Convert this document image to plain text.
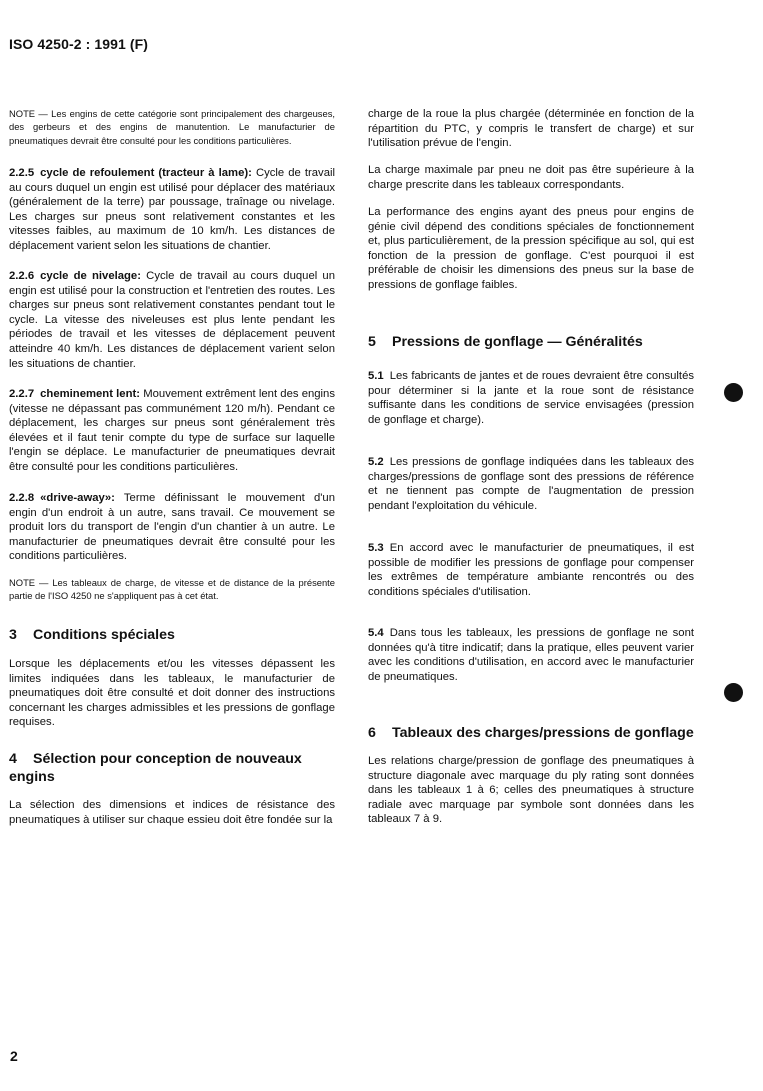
ISO 4250-2 : 1991 (F)

NOTE — Les engins de cette catégorie sont principalement des chargeuses, des gerbeurs et des engins de manutention. Le manufacturier de pneumatiques devrait être consulté pour les conditions particulières.

2.2.5 cycle de refoulement (tracteur à lame): Cycle de travail au cours duquel un engin est utilisé pour déplacer des matériaux (généralement de la terre) par poussage, traînage ou nivelage. Les charges sur pneus sont relativement constantes et les vitesses faibles, au maximum de 10 km/h. Les distances de déplacement varient selon les situations de chantier.

2.2.6 cycle de nivelage: Cycle de travail au cours duquel un engin est utilisé pour la construction et l'entretien des routes. Les charges sur pneus sont relativement constantes pendant tout le cycle. La vitesse des niveleuses est plus lente pendant les périodes de travail et les vitesses de déplacement peuvent atteindre 40 km/h. Les distances de déplacement varient selon les situations de chantier.

2.2.7 cheminement lent: Mouvement extrêment lent des engins (vitesse ne dépassant pas communément 120 m/h). Pendant ce déplacement, les charges sur pneus sont généralement très élevées et il faut tenir compte du type de surface sur laquelle l'engin se déplace. Le manufacturier de pneumatiques devrait être consulté pour les conditions particulières.

2.2.8 «drive-away»: Terme définissant le mouvement d'un engin d'un endroit à un autre, sans travail. Ce mouvement se produit lors du transport de l'engin d'un chantier à un autre. Le manufacturier de pneumatiques devrait être consulté pour les conditions particulières.

NOTE — Les tableaux de charge, de vitesse et de distance de la présente partie de l'ISO 4250 ne s'appliquent pas à cet état.

3 Conditions spéciales

Lorsque les déplacements et/ou les vitesses dépassent les limites indiquées dans les tableaux, le manufacturier de pneumatiques doit être consulté et doit donner des instructions concernant les charges admissibles et les pressions de gonflage requises.

4 Sélection pour conception de nouveaux engins

La sélection des dimensions et indices de résistance des pneumatiques à utiliser sur chaque essieu doit être fondée sur la

charge de la roue la plus chargée (déterminée en fonction de la répartition du PTC, y compris le transfert de charge) et sur l'utilisation prévue de l'engin.

La charge maximale par pneu ne doit pas être supérieure à la charge prescrite dans les tableaux correspondants.

La performance des engins ayant des pneus pour engins de génie civil dépend des conditions spéciales de fonctionnement et, plus particulièrement, de la pression spécifique au sol, qui est fonction de la pression de gonflage. C'est pourquoi il est préférable de choisir les dimensions des pneus sur la base de pressions de gonflage faibles.

5 Pressions de gonflage — Généralités

5.1 Les fabricants de jantes et de roues devraient être consultés pour déterminer si la jante et la roue sont de résistance suffisante dans les conditions de service envisagées (pression de gonflage et charge).

5.2 Les pressions de gonflage indiquées dans les tableaux des charges/pressions de gonflage sont des pressions de référence et ne tiennent pas compte de l'augmentation de pression pendant l'exploitation du véhicule.

5.3 En accord avec le manufacturier de pneumatiques, il est possible de modifier les pressions de gonflage pour compenser les extrêmes de température ambiante rencontrés ou des conditions spéciales d'utilisation.

5.4 Dans tous les tableaux, les pressions de gonflage ne sont données qu'à titre indicatif; dans la pratique, elles peuvent varier avec les conditions d'utilisation, en accord avec le manufacturier de pneumatiques.

6 Tableaux des charges/pressions de gonflage

Les relations charge/pression de gonflage des pneumatiques à structure diagonale avec marquage du ply rating sont données dans les tableaux 1 à 6; celles des pneumatiques à structure radiale avec marquage par symbole sont données dans les tableaux 7 à 9.

2
